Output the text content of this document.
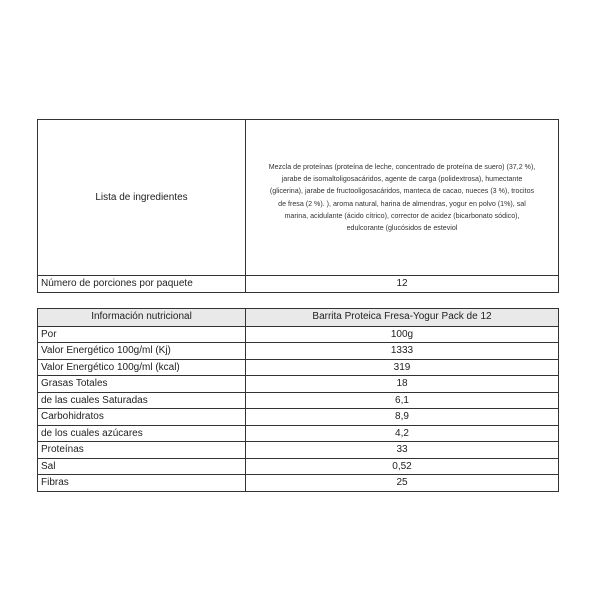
Lista de ingredientes
Mezcla de proteínas (proteína de leche, concentrado de proteína de suero) (37,2 %),
jarabe de isomaltoligosacáridos, agente de carga (polidextrosa), humectante
(glicerina), jarabe de fructooligosacáridos, manteca de cacao, nueces (3 %), trocitos
de fresa (2 %). ), aroma natural, harina de almendras, yogur en polvo (1%), sal
marina, acidulante (ácido cítrico), corrector de acidez (bicarbonato sódico),
edulcorante (glucósidos de esteviol
Número de porciones por paquete	12
Información nutricional	Barrita Proteica Fresa-Yogur Pack de 12
Por	100g
Valor Energético 100g/ml (Kj)	1333
Valor Energético 100g/ml (kcal)	319
Grasas Totales	18
de las cuales Saturadas	6,1
Carbohidratos	8,9
de los cuales azúcares	4,2
Proteínas	33
Sal	0,52
Fibras	25
